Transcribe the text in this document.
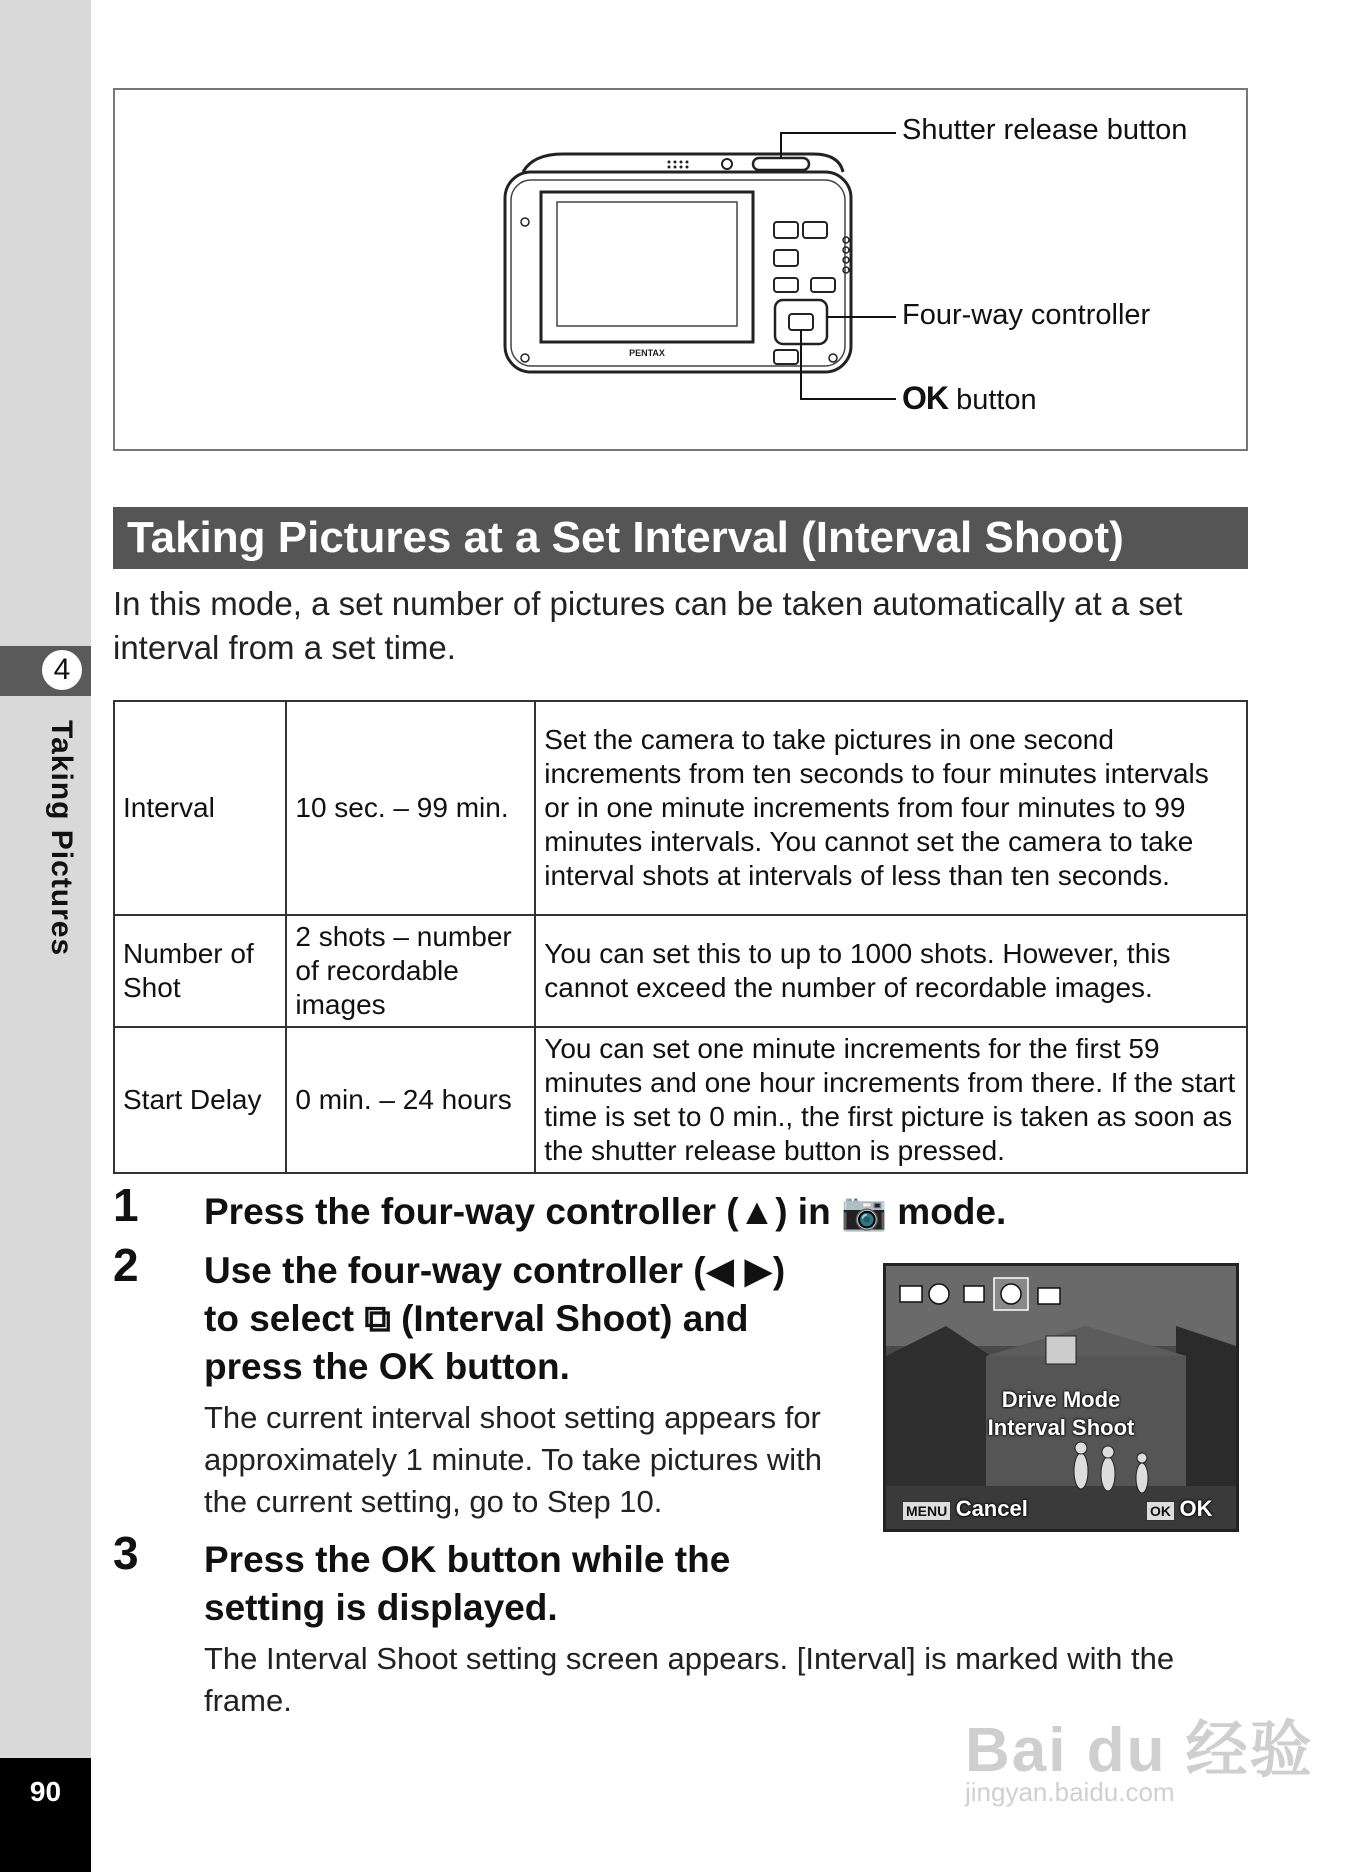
4
Taking Pictures
90
PENTAX
Shutter release button
Four-way controller
OK button
Taking Pictures at a Set Interval (Interval Shoot)
In this mode, a set number of pictures can be taken automatically at a set interval from a set time.
Interval	10 sec. – 99 min.	Set the camera to take pictures in one second increments from ten seconds to four minutes intervals or in one minute increments from four minutes to 99 minutes intervals. You cannot set the camera to take interval shots at intervals of less than ten seconds.
Number of Shot	2 shots – number of recordable images	You can set this to up to 1000 shots. However, this cannot exceed the number of recordable images.
Start Delay	0 min. – 24 hours	You can set one minute increments for the first 59 minutes and one hour increments from there. If the start time is set to 0 min., the first picture is taken as soon as the shutter release button is pressed.
1 Press the four-way controller (▲) in 📷 mode.
2 Use the four-way controller (◀ ▶)
to select ⧉ (Interval Shoot) and
press the OK button.
The current interval shoot setting appears for approximately 1 minute. To take pictures with the current setting, go to Step 10.
Drive Mode
Interval Shoot
MENU Cancel	OK OK
3 Press the OK button while the
setting is displayed.
The Interval Shoot setting screen appears. [Interval] is marked with the frame.
Bai du 经验
jingyan.baidu.com
